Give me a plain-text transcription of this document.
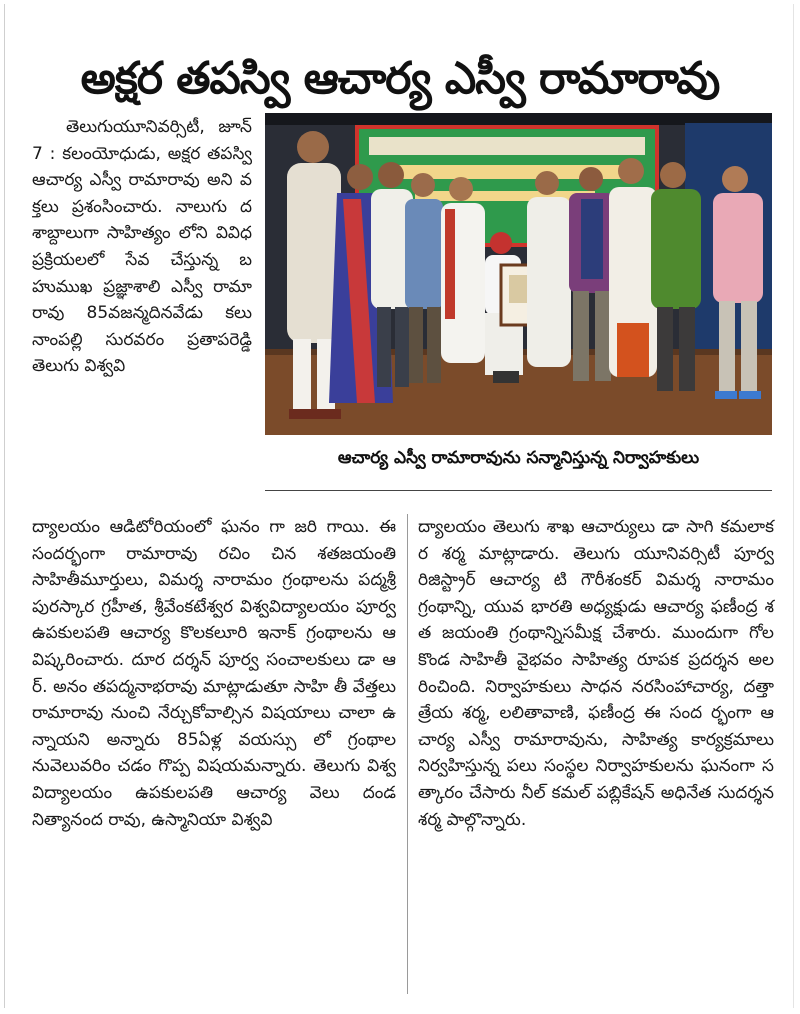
అక్షర తపస్వి ఆచార్య ఎస్వీ రామారావు

తెలుగుయూనివర్సిటీ, జూన్ 7 : కలంయోధుడు, అక్షర తపస్వి ఆచార్య ఎస్వీ రామారావు అని వక్తలు ప్రశంసించారు. నాలుగు దశాబ్దాలుగా సాహిత్యం లోని వివిధ ప్రక్రియలలో సేవ చేస్తున్న బహుముఖ ప్రజ్ఞాశాలి ఎస్వీ రామా రావు 85వజన్మదినవేడు కలు నాంపల్లి సురవరం ప్రతాపరెడ్డి తెలుగు విశ్వవి

ఆచార్య ఎస్వీ రామారావును సన్మానిస్తున్న నిర్వాహకులు

ద్యాలయం ఆడిటోరియంలో ఘనం గా జరి గాయి. ఈ సందర్భంగా రామారావు రచిం చిన శతజయంతి సాహితీమూర్తులు, విమర్శ నారామం గ్రంథాలను పద్మశ్రీ పురస్కార గ్రహీత, శ్రీవేంకటేశ్వర విశ్వవిద్యాలయం పూర్వ ఉపకులపతి ఆచార్య కొలకలూరి ఇనాక్ గ్రంథాలను ఆవిష్కరించారు. దూర దర్శన్ పూర్వ సంచాలకులు డా ఆర్. అనం తపద్మనాభరావు మాట్లాడుతూ సాహి తీ వేత్తలు రామారావు నుంచి నేర్చుకోవాల్సిన విషయాలు చాలా ఉన్నాయని అన్నారు 85ఏళ్ల వయస్సు లో గ్రంథాలనువెలువరిం చడం గొప్ప విషయమన్నారు. తెలుగు విశ్వ విద్యాలయం ఉపకులపతి ఆచార్య వెలు దండ నిత్యానంద రావు, ఉస్మానియా విశ్వవి

ద్యాలయం తెలుగు శాఖ ఆచార్యులు డా సాగి కమలాకర శర్మ మాట్లాడారు. తెలుగు యూనివర్సిటీ పూర్వ రిజిస్ట్రార్ ఆచార్య టి గౌరీశంకర్ విమర్శ నారామం గ్రంథాన్ని, యువ భారతి అధ్యక్షుడు ఆచార్య ఫణీంద్ర శత జయంతి గ్రంథాన్నిసమీక్ష చేశారు. ముందుగా గోలకొండ సాహితీ వైభవం సాహిత్య రూపక ప్రదర్శన అలరించింది. నిర్వాహకులు సాధన నరసింహాచార్య, దత్తా త్రేయ శర్మ, లలితావాణి, ఫణీంద్ర ఈ సంద ర్భంగా ఆచార్య ఎస్వీ రామారావును, సాహిత్య కార్యక్రమాలు నిర్వహిస్తున్న పలు సంస్థల నిర్వాహకులను ఘనంగా సత్కారం చేసారు నీల్ కమల్ పబ్లికేషన్ అధినేత సుదర్శన శర్మ పాల్గొన్నారు.
